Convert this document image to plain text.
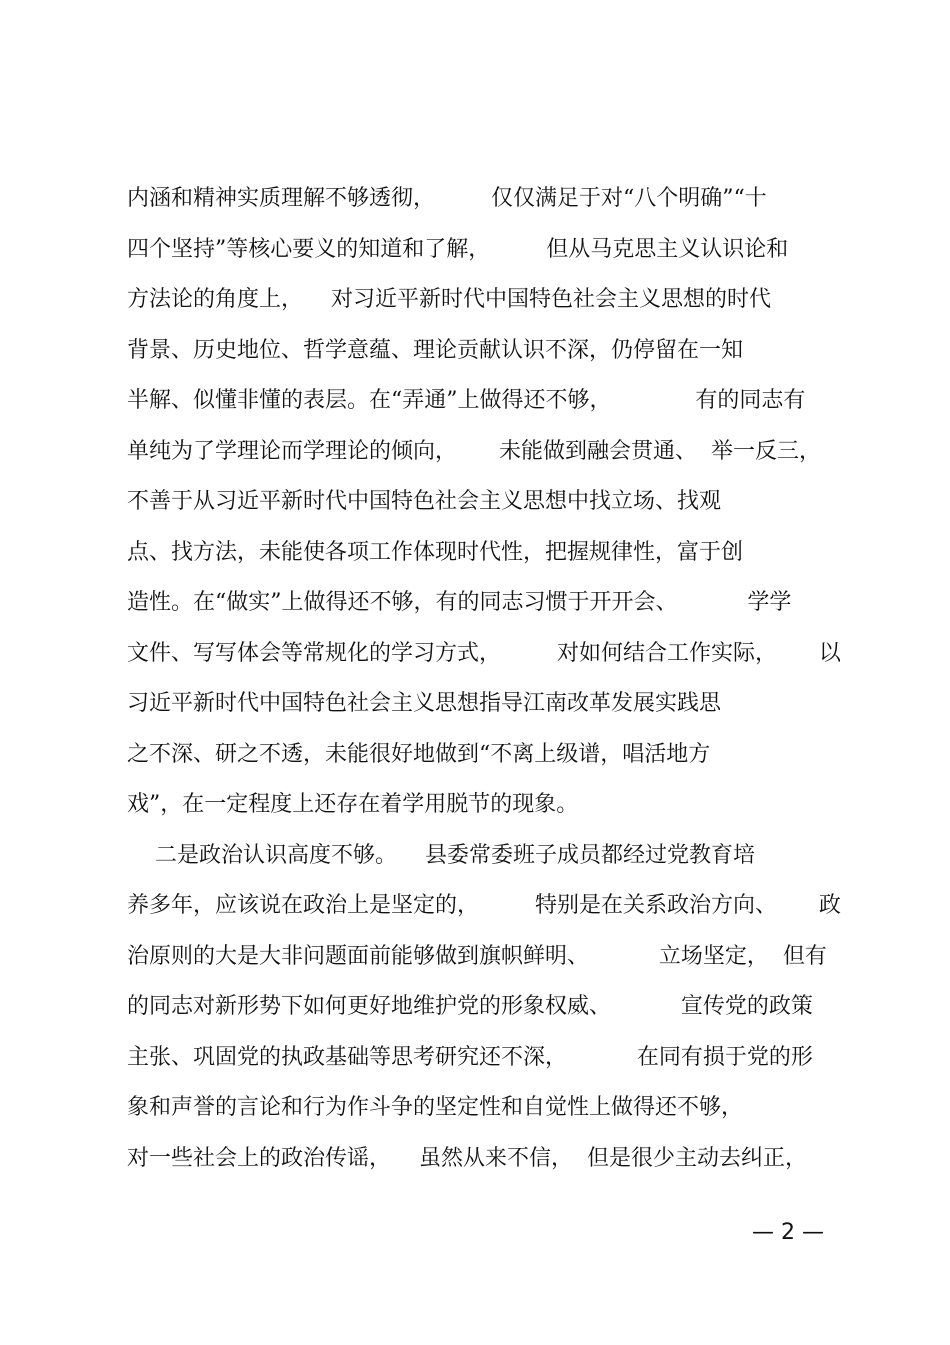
内涵和精神实质理解不够透彻，        仅仅满足于对“八个明确”“十
四个坚持”等核心要义的知道和了解，        但从马克思主义认识论和
方法论的角度上，    对习近平新时代中国特色社会主义思想的时代
背景、历史地位、哲学意蕴、理论贡献认识不深，仍停留在一知
半解、似懂非懂的表层。在“弄通”上做得还不够，            有的同志有
单纯为了学理论而学理论的倾向，      未能做到融会贯通、  举一反三，
不善于从习近平新时代中国特色社会主义思想中找立场、找观
点、找方法，未能使各项工作体现时代性，把握规律性，富于创
造性。在“做实”上做得还不够，有的同志习惯于开开会、          学学
文件、写写体会等常规化的学习方式，        对如何结合工作实际，      以
习近平新时代中国特色社会主义思想指导江南改革发展实践思
之不深、研之不透，未能很好地做到“不离上级谱，唱活地方
戏”，在一定程度上还存在着学用脱节的现象。
二是政治认识高度不够。    县委常委班子成员都经过党教育培
养多年，应该说在政治上是坚定的，        特别是在关系政治方向、      政
治原则的大是大非问题面前能够做到旗帜鲜明、          立场坚定，  但有
的同志对新形势下如何更好地维护党的形象权威、          宣传党的政策
主张、巩固党的执政基础等思考研究还不深，          在同有损于党的形
象和声誉的言论和行为作斗争的坚定性和自觉性上做得还不够，
对一些社会上的政治传谣，    虽然从来不信，  但是很少主动去纠正，
— 2 —
